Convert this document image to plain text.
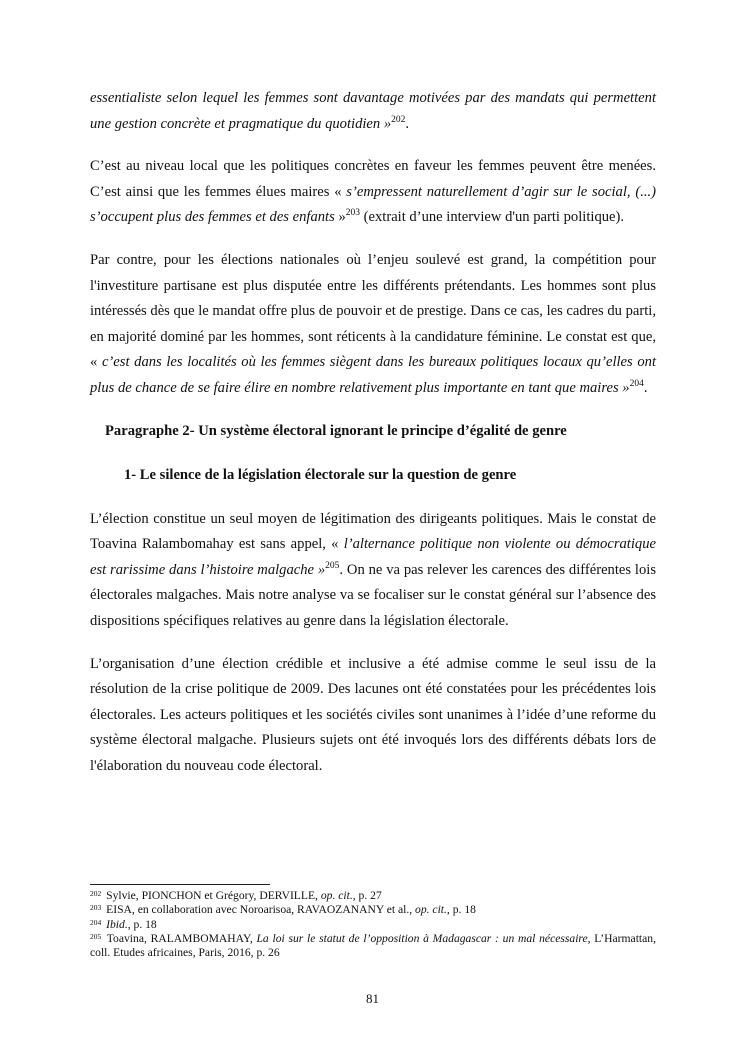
essentialiste selon lequel les femmes sont davantage motivées par des mandats qui permettent une gestion concrète et pragmatique du quotidien »$^{202}$.

C’est au niveau local que les politiques concrètes en faveur les femmes peuvent être menées. C’est ainsi que les femmes élues maires « s’empressent naturellement d’agir sur le social, (...) s’occupent plus des femmes et des enfants »$^{203}$ (extrait d’une interview d'un parti politique).

Par contre, pour les élections nationales où l’enjeu soulevé est grand, la compétition pour l'investiture partisane est plus disputée entre les différents prétendants. Les hommes sont plus intéressés dès que le mandat offre plus de pouvoir et de prestige. Dans ce cas, les cadres du parti, en majorité dominé par les hommes, sont réticents à la candidature féminine. Le constat est que, « c’est dans les localités où les femmes siègent dans les bureaux politiques locaux qu’elles ont plus de chance de se faire élire en nombre relativement plus importante en tant que maires »$^{204}$.

Paragraphe 2- Un système électoral ignorant le principe d’égalité de genre
1- Le silence de la législation électorale sur la question de genre

L’élection constitue un seul moyen de légitimation des dirigeants politiques. Mais le constat de Toavina Ralambomahay est sans appel, « l’alternance politique non violente ou démocratique est rarissime dans l’histoire malgache »$^{205}$. On ne va pas relever les carences des différentes lois électorales malgaches. Mais notre analyse va se focaliser sur le constat général sur l’absence des dispositions spécifiques relatives au genre dans la législation électorale.

L’organisation d’une élection crédible et inclusive a été admise comme le seul issu de la résolution de la crise politique de 2009. Des lacunes ont été constatées pour les précédentes lois électorales. Les acteurs politiques et les sociétés civiles sont unanimes à l’idée d’une reforme du système électoral malgache. Plusieurs sujets ont été invoqués lors des différents débats lors de l'élaboration du nouveau code électoral.

$^{202}$ Sylvie, PIONCHON et Grégory, DERVILLE, op. cit., p. 27

$^{203}$ EISA, en collaboration avec Noroarisoa, RAVAOZANANY et al., op. cit., p. 18

$^{204}$ Ibid., p. 18

$^{205}$ Toavina, RALAMBOMAHAY, La loi sur le statut de l’opposition à Madagascar : un mal nécessaire, L’Harmattan, coll. Etudes africaines, Paris, 2016, p. 26

81
